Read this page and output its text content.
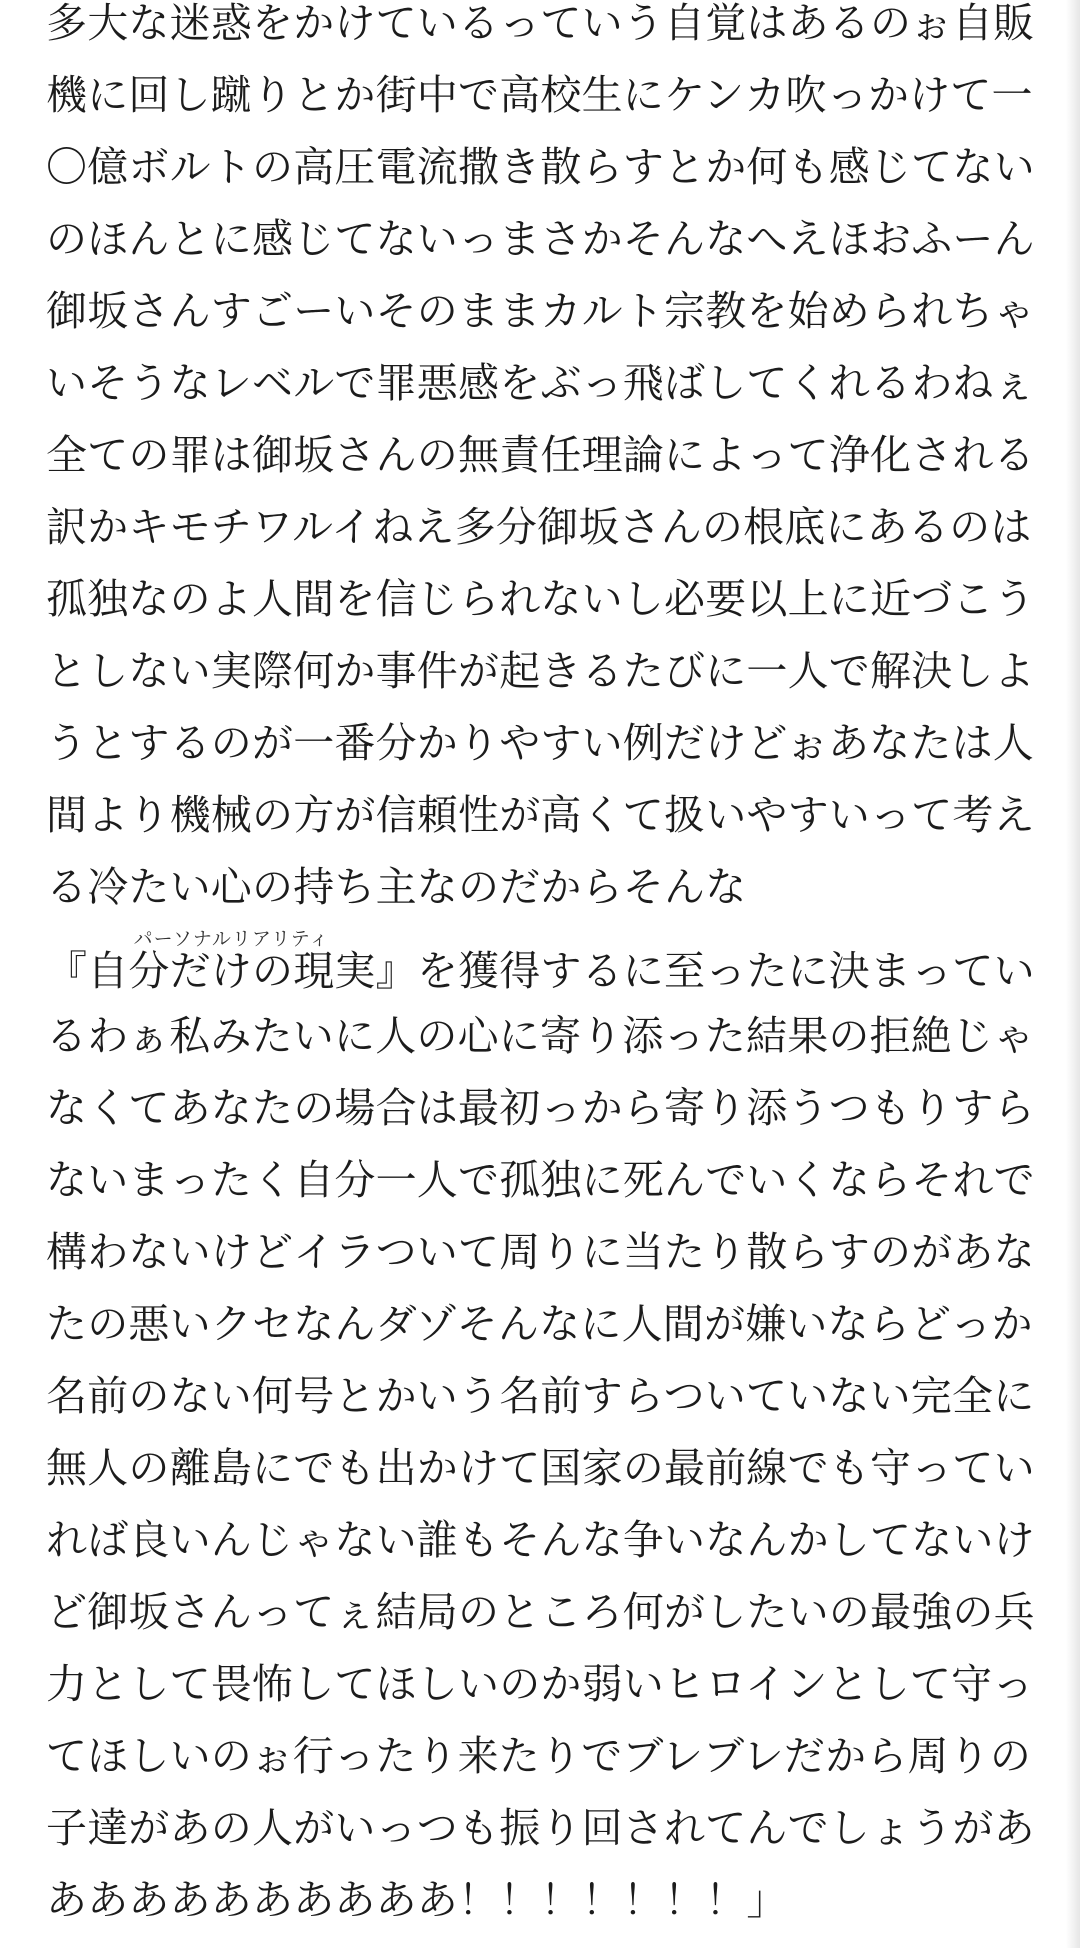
多大な迷惑をかけているっていう自覚はあるのぉ自販
機に回し蹴りとか街中で高校生にケンカ吹っかけて一
〇億ボルトの高圧電流撒き散らすとか何も感じてない
のほんとに感じてないっまさかそんなへえほおふーん
御坂さんすごーいそのままカルト宗教を始められちゃ
いそうなレベルで罪悪感をぶっ飛ばしてくれるわねぇ
全ての罪は御坂さんの無責任理論によって浄化される
訳かキモチワルイねえ多分御坂さんの根底にあるのは
孤独なのよ人間を信じられないし必要以上に近づこう
としない実際何か事件が起きるたびに一人で解決しよ
うとするのが一番分かりやすい例だけどぉあなたは人
間より機械の方が信頼性が高くて扱いやすいって考え
る冷たい心の持ち主なのだからそんな
『自分だけの現実』パーソナルリアリティを獲得するに至ったに決まってい
るわぁ私みたいに人の心に寄り添った結果の拒絶じゃ
なくてあなたの場合は最初っから寄り添うつもりすら
ないまったく自分一人で孤独に死んでいくならそれで
構わないけどイラついて周りに当たり散らすのがあな
たの悪いクセなんダゾそんなに人間が嫌いならどっか
名前のない何号とかいう名前すらついていない完全に
無人の離島にでも出かけて国家の最前線でも守ってい
れば良いんじゃない誰もそんな争いなんかしてないけ
ど御坂さんってぇ結局のところ何がしたいの最強の兵
力として畏怖してほしいのか弱いヒロインとして守っ
てほしいのぉ行ったり来たりでブレブレだから周りの
子達があの人がいっつも振り回されてんでしょうがあ
ああああああああああ！！！！！！！」
